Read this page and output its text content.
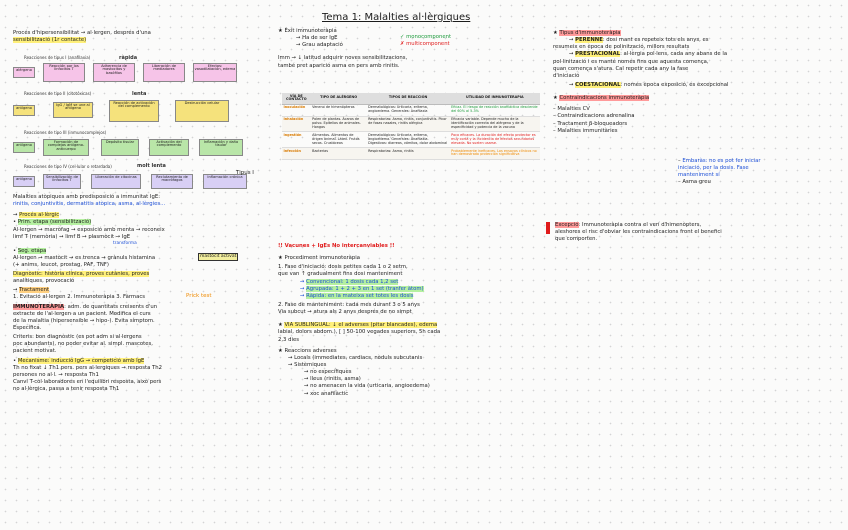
Tema 1: Malalties al·lèrgiques
Procés d'hipersensibilitat → al·lergen, després d'una
sensibilització (1r contacte)
Reacciones de tipus I (anafilaxia)	ràpida
alérgeno
Reacción por los linfocitos T
Adherencia de mastocitos y basófilos
Liberación de mediadores
Efectos: vasodilatación, edema
Reacciones de tipo II (citotóxicas)	lenta
antígeno
IgG / IgM se une al antígeno
Reacción de activación del complemento
Destrucción celular
Reacciones de tipo III (inmunocomplejos)
antígeno
Formación de complejos antígeno-anticuerpo
Depósito tisular	Activación del complemento
Inflamación y daño tisular
Reacciones de tipo IV (cel·lular o retardada)	molt lenta
antígeno	Sensibilización de linfocitos T
Liberación de citocinas	Reclutamiento de macrófagos
Inflamación crónica
Tipus I
Malalties atòpiques amb predisposició a immunitat IgE:
rinitis, conjuntivitis, dermatitis atòpica, asma, al·lèrgies...
→ Procés al·lèrgic
• Prim. etapa (sensibilització)
Al·lergen → macròfag → exposició amb menta → reconeix
limf T (memòria) → limf B → plasmòcit → IgE
transforma
• Seg. etapa
Al·lergen → mastòcit → es trenca → grànuls histamina
(+ anims, leucot, prostag, PAF, TNF)
Diagnòstic: història clínica, proves cutànies, proves
analítiques, provocació
→ Tractament
1. Evitació al·lergen 2. Immunoteràpia 3. Fàrmacs
IMMUNOTERÀPIA: adm. de quantitats creixents d'un
extracte de l'al·lergen a un pacient. Modifica el curs
de la malaltia (hipersensible → hipo-). Evita símptom.
Específica.
Criteris: bon diagnòstic (es pot adm si al·lergens
poc abundants), no poder evitar al. simpl. mascotes,
pacient motivat.
• Mecanisme: inducció IgG → competició amb IgE
Th no fixat ↓ Th1 pers. pers al·lergiques → resposta Th2
persones no al·l. → resposta Th1
Canvi T-col·laboradores en l'equilibri resposta, això pers
no al·lèrgica, passa a tenir resposta Th1
mastòcit activat
Prick test
★ Èxit immunoteràpia
→ Ha de ser IgE
→ Grau adaptació
Imm → ↓ latitud adquirir noves sensibilitzacions,
també pret aparició asma en pers amb rinitis.
✓ monocomponent
✗ multicomponent
VÍA DE CONTACTO	TIPO DE ALÉRGENO	TIPOS DE REACCIÓN	UTILIDAD DE INMUNOTERAPIA
Inoculación	Veneno de himenópteros	Dermatológicas: Urticaria, eritema, angioedema. Generales: Anafilaxia	Eficaz. El riesgo de reacción anafiláctica desciende del 60% al 5-3%
Inhalación	Polen de plantas. Ácaros de polvo. Epitelios de animales. Hongos	Respiratorias: Asma, rinitis, conjuntivitis. Picor de fosas nasales, rinitis alérgica	Eficacia variable. Depende mucho de la identificación correcta del alérgeno y de la especificidad y potencia de la vacuna
Ingestión	Alimentos. Alimentos de origen animal. Látex. Frutos secos. Crustáceos	Dermatológicas: Urticaria, eritema, angioedema. Generales: Anafilaxia. Digestivas: diarreas, vómitos, dolor abdominal	Poco eficaces. La duración del efecto protector es muy corta y la incidencia de efectos secundarios elevada. No suelen usarse.
Infección	Bacterias	Respiratorias: Asma, rinitis	Probablemente ineficaces. Los ensayos clínicos no han demostrado protección significativa
!! Vacunes + IgEs No intercanviables !!
★ Procediment immunoteràpia
1. Fase d'iniciació: dosis petites cada 1 o 2 setm,
que van ↑ gradualment fins dosi manteniment
→ Convencional: 1 dosis cada 1,2 set
→ Agrupada: 1 + 2 + 3 en 1 set (tranfer àtom)
→ Ràpida: en la mateixa set totes les dosis
2. Fase de manteniment: cada mes durant 3 o 5 anys
Via subcut → atura als 2 anys després de no simpt
★ VIA SUBLINGUAL: ↓ el adverses (pitar blancades), edema
labial, dolors abdom.), [ ] 50-100 vegades superiors, 5h cada
2,3 dies
★ Reaccions adverses
→ Locals (immediates, cardiacs, nòduls subcutanis
→ Sistèmiques
→ no específiques
→ lleus (rinitis, asma)
→ no amenacen la vida (urticaria, angioedema)
→ xoc anafilàctic
★ Tipus d'immunoteràpia
→ PERENNE: dosi mant es repeteix tots els anys, es
resumeix en època de polinització, millors resultats
→ PRESTACIONAL: al·lèrgia pol·lens, cada any abans de la
pol·linització i es manté només fins que aquesta comença,
quan comença s'atura. Cal repetir cada any la fase
d'iniciació
→ COESTACIONAL: només època exposició, és excepcional
★ Contraindicacions immunoteràpia
– Malalties CV
– Contraindicacions adrenalina
– Tractament β-bloqueadors
– Malalties immunitàries
– Embaràs: no es pot fer iniciar
iniciació, per la dosis. Fase
manteniment sí
– Asma greu
Excepció: Immunoteràpia contra el verí d'himenòpters,
aleshores el risc d'obviar les contraindicacions front el benefici
que comporten.
